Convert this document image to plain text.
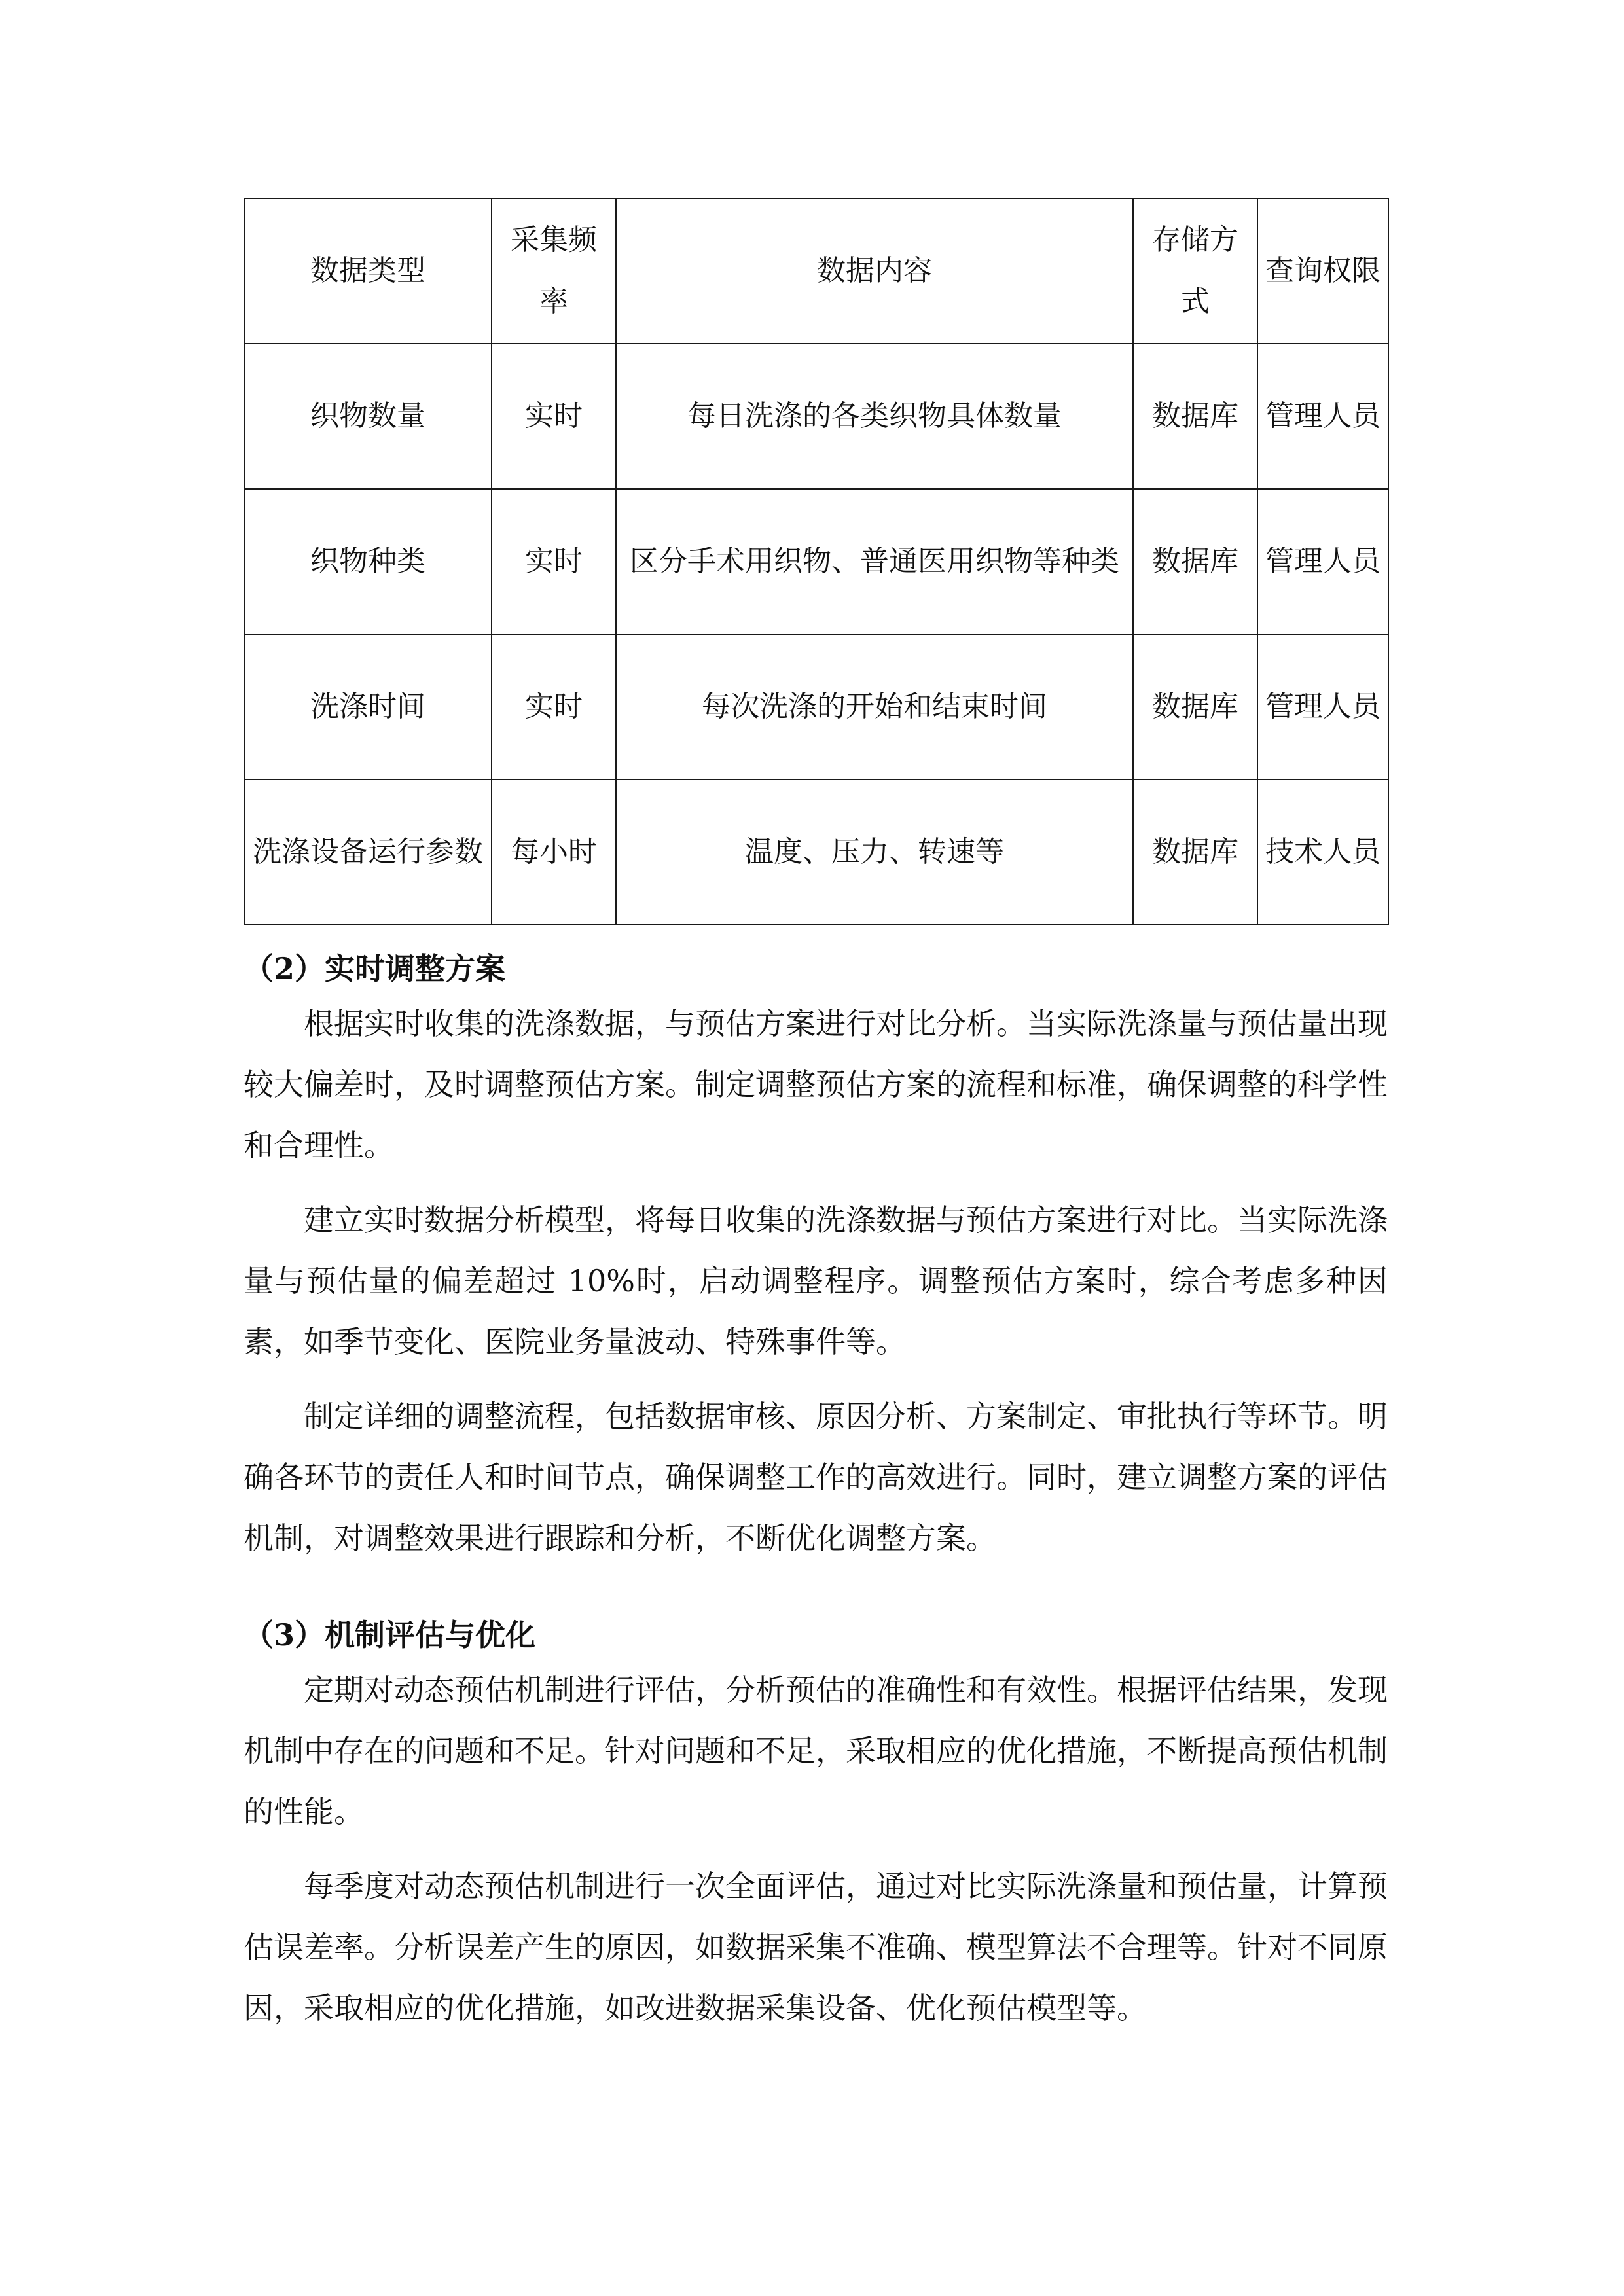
数据类型	采集频率	数据内容	存储方式	查询权限
织物数量	实时	每日洗涤的各类织物具体数量	数据库	管理人员
织物种类	实时	区分手术用织物、普通医用织物等种类	数据库	管理人员
洗涤时间	实时	每次洗涤的开始和结束时间	数据库	管理人员
洗涤设备运行参数	每小时	温度、压力、转速等	数据库	技术人员
（2）实时调整方案

根据实时收集的洗涤数据，与预估方案进行对比分析。当实际洗涤量与预估量出现较大偏差时，及时调整预估方案。制定调整预估方案的流程和标准，确保调整的科学性和合理性。

建立实时数据分析模型，将每日收集的洗涤数据与预估方案进行对比。当实际洗涤量与预估量的偏差超过 10%时，启动调整程序。调整预估方案时，综合考虑多种因素，如季节变化、医院业务量波动、特殊事件等。

制定详细的调整流程，包括数据审核、原因分析、方案制定、审批执行等环节。明确各环节的责任人和时间节点，确保调整工作的高效进行。同时，建立调整方案的评估机制，对调整效果进行跟踪和分析，不断优化调整方案。

（3）机制评估与优化

定期对动态预估机制进行评估，分析预估的准确性和有效性。根据评估结果，发现机制中存在的问题和不足。针对问题和不足，采取相应的优化措施，不断提高预估机制的性能。

每季度对动态预估机制进行一次全面评估，通过对比实际洗涤量和预估量，计算预估误差率。分析误差产生的原因，如数据采集不准确、模型算法不合理等。针对不同原因，采取相应的优化措施，如改进数据采集设备、优化预估模型等。
